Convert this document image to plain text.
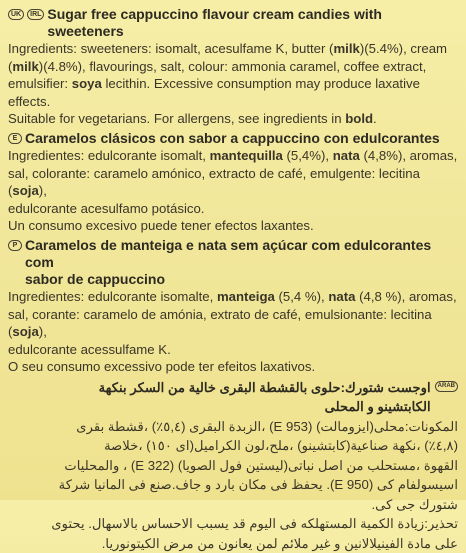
UK	IRL Sugar free cappuccino flavour cream candies with sweeteners

Ingredients: sweeteners: isomalt, acesulfame K, butter (milk)(5.4%), cream
(milk)(4.8%), flavourings, salt, colour: ammonia caramel, coffee extract,
emulsifier: soya lecithin. Excessive consumption may produce laxative effects.
Suitable for vegetarians. For allergens, see ingredients in bold.

E Caramelos clásicos con sabor a cappuccino con edulcorantes

Ingredientes: edulcorante isomalt, mantequilla (5,4%), nata (4,8%), aromas,
sal, colorante: caramelo amónico, extracto de café, emulgente: lecitina (soja),
edulcorante acesulfamo potásico.
Un consumo excesivo puede tener efectos laxantes.

P Caramelos de manteiga e nata sem açúcar com edulcorantes com
sabor de cappuccino

Ingredientes: edulcorante isomalte, manteiga (5,4 %), nata (4,8 %), aromas,
sal, corante: caramelo de amónia, extrato de café, emulsionante: lecitina (soja),
edulcorante acessulfame K.
O seu consumo excessivo pode ter efeitos laxativos.

ARAB
اوجست شتورك:حلوى بالقشطة البقرى خالية من السكر بنكهة
الكابتشينو و المحلى

المكونات:محلى(ايزومالت) (E 953) ،الزبدة البقرى (٥,٤٪) ،قشطة بقرى

(٤,٨٪) ،نكهة صناعية(كابتشينو) ،ملح،لون الكراميل(اى ١٥٠) ،خلاصة

القهوة ،مستحلب من اصل نباتى(ليستين فول الصويا) (E 322) ، والمحليات

اسيسولفام كى (E 950). يحفظ فى مكان بارد و جاف.صنع فى المانيا شركة

شتورك جى كى.

تحذير:زيادة الكمية المستهلكه فى اليوم قد يسبب الاحساس بالاسهال. يحتوى

على مادة الفينيلالانين و غير ملائم لمن يعانون من مرض الكيتونوريا.
